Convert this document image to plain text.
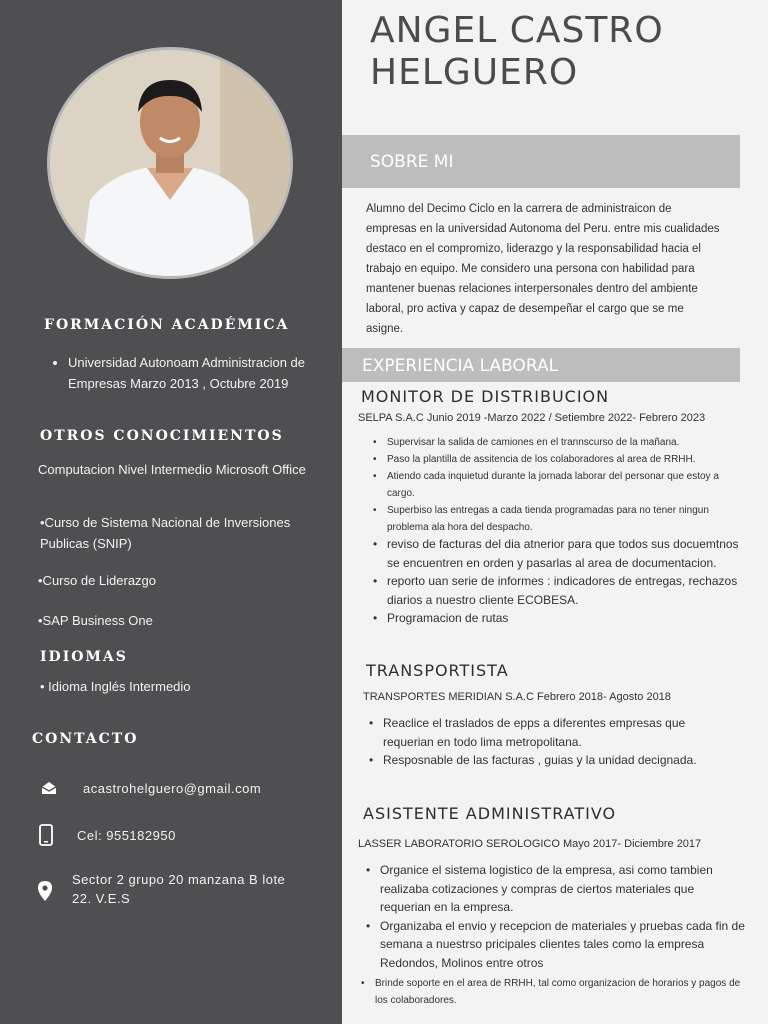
FORMACIÓN ACADÉMICA
• Universidad Autonoam Administracion de Empresas Marzo 2013 , Octubre 2019
OTROS CONOCIMIENTOS
Computacion Nivel Intermedio Microsoft Office
•Curso de Sistema Nacional de Inversiones Publicas (SNIP)
•Curso de Liderazgo
•SAP Business One
IDIOMAS
• Idioma Inglés Intermedio
CONTACTO
acastrohelguero@gmail.com
Cel: 955182950
Sector 2 grupo 20 manzana B lote 22. V.E.S
ANGEL CASTRO
HELGUERO
SOBRE MI
Alumno del Decimo Ciclo en la carrera de administraicon de empresas en la universidad Autonoma del Peru. entre mis cualidades destaco en el compromizo, liderazgo y la responsabilidad hacia el trabajo en equipo. Me considero una persona con habilidad para mantener buenas relaciones interpersonales dentro del ambiente laboral, pro activa y capaz de desempeñar el cargo que se me asigne.
EXPERIENCIA LABORAL
MONITOR DE DISTRIBUCION
SELPA S.A.C Junio 2019 -Marzo 2022 / Setiembre 2022- Febrero 2023
• Supervisar la salida de camiones en el trannscurso de la mañana.
• Paso la plantilla de assitencia de los colaboradores al area de RRHH.
• Atiendo cada inquietud durante la jornada laborar del personar que estoy a cargo.
• Superbiso las entregas a cada tienda programadas para no tener ningun problema ala hora del despacho.
• reviso de facturas del dia atnerior para que todos sus docuemtnos se encuentren en orden y pasarlas al area de documentacion.
• reporto uan serie de informes : indicadores de entregas, rechazos diarios a nuestro cliente ECOBESA.
• Programacion de rutas
TRANSPORTISTA
TRANSPORTES MERIDIAN S.A.C Febrero 2018- Agosto 2018
• Reaclice el traslados de epps a diferentes empresas que requerian en todo lima metropolitana.
• Resposnable de las facturas , guias y la unidad decignada.
ASISTENTE ADMINISTRATIVO
LASSER LABORATORIO SEROLOGICO Mayo 2017- Diciembre 2017
• Organice el sistema logistico de la empresa, asi como tambien realizaba cotizaciones y compras de ciertos materiales que requerian en la empresa.
• Organizaba el envio y recepcion de materiales y pruebas cada fin de semana a nuestrso pricipales clientes tales como la empresa Redondos, Molinos entre otros
• Brinde soporte en el area de RRHH, tal como organizacion de horarios y pagos de los colaboradores.
